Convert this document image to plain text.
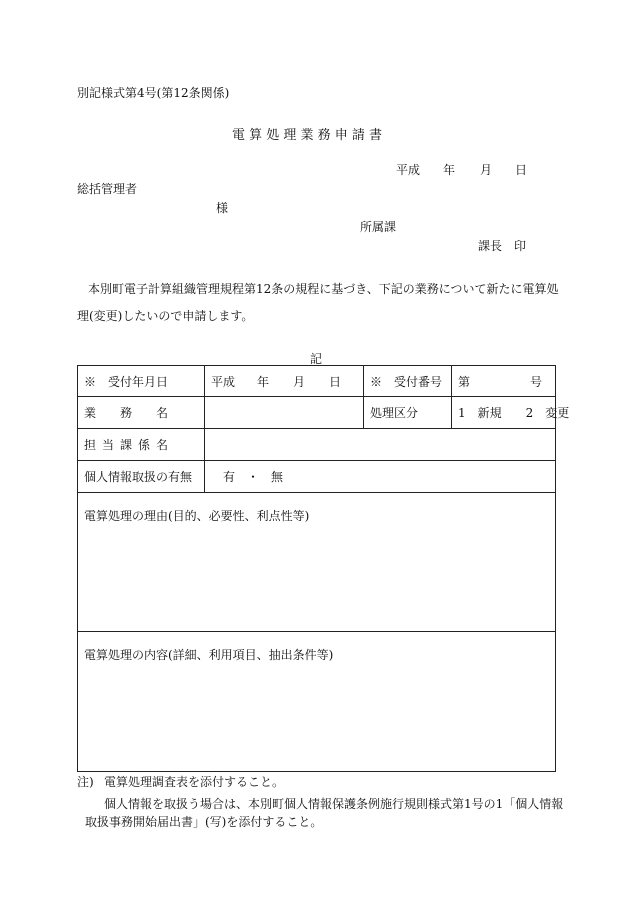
別記様式第4号(第12条関係)
電 算 処 理 業 務 申 請 書
平成 年 月 日
総括管理者
様
所属課
課長　印
本別町電子計算組織管理規程第12条の規程に基づき、下記の業務について新たに電算処
理(変更)したいので申請します。
記
※　受付年月日	平成 年 月 日	※　受付番号	第 号
業　務　名		処理区分	1　新規　　2　変更
担当課係名			
個人情報取扱の有無	有　・　無		
電算処理の理由(目的、必要性、利点性等)			
電算処理の内容(詳細、利用項目、抽出条件等)			
注) 電算処理調査表を添付すること。
個人情報を取扱う場合は、本別町個人情報保護条例施行規則様式第1号の1「個人情報
取扱事務開始届出書」(写)を添付すること。
